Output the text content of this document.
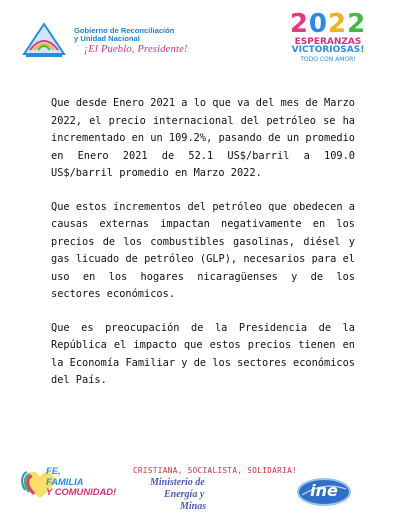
Gobierno de Reconciliación
y Unidad Nacional
¡El Pueblo, Presidente!
2022
ESPERANZAS
VICTORIOSAS!
TODO CON AMOR!

Que desde Enero 2021 a lo que va del mes de Marzo 2022, el precio internacional del petróleo se ha incrementado en un 109.2%, pasando de un promedio en Enero 2021 de 52.1 US$/barril a 109.0 US$/barril promedio en Marzo 2022.

Que estos incrementos del petróleo que obedecen a causas externas impactan negativamente en los precios de los combustibles gasolinas, diésel y gas licuado de petróleo (GLP), necesarios para el uso en los hogares nicaragüenses y de los sectores económicos.

Que es preocupación de la Presidencia de la República el impacto que estos precios tienen en la Economía Familiar y de los sectores económicos del País.

FE,
FAMILIA
Y COMUNIDAD!
CRISTIANA, SOCIALISTA, SOLIDARIA!
Ministerio de
Energía y
Minas
ine
